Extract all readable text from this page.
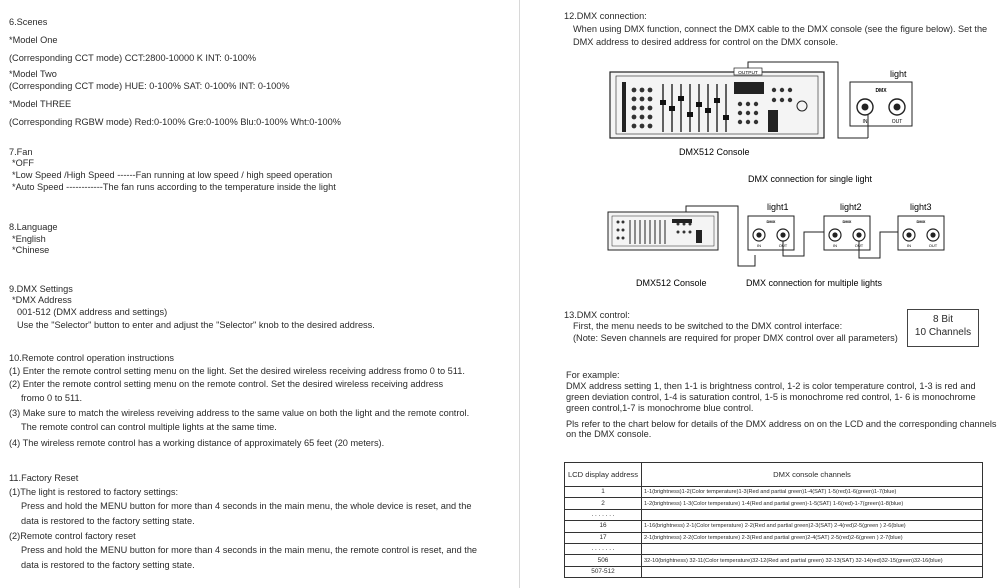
6.Scenes
*Model One
(Corresponding CCT mode) CCT:2800-10000 K INT: 0-100%
*Model Two
(Corresponding CCT mode) HUE: 0-100% SAT: 0-100% INT: 0-100%
*Model THREE
(Corresponding RGBW mode) Red:0-100% Gre:0-100% Blu:0-100% Wht:0-100%
7.Fan
*OFF
*Low Speed /High Speed ------Fan running at low speed / high speed operation
*Auto Speed ------------The fan runs according to the temperature inside the light
8.Language
*English
*Chinese
9.DMX Settings
*DMX Address
001-512 (DMX address and settings)
Use the "Selector" button to enter and adjust the "Selector" knob to the desired address.
10.Remote control operation instructions
(1) Enter the remote control setting menu on the light. Set the desired wireless receiving address fromo 0 to 511.
(2) Enter the remote control setting menu on the remote control. Set the desired wireless receiving address
fromo 0 to 511.
(3) Make sure to match the wireless reveiving address to the same value on both the light and the remote control.
The remote control can control multiple lights at the same time.
(4) The wireless remote control has a working distance of approximately 65 feet (20 meters).
11.Factory Reset
(1)The light is restored to factory settings:
Press and hold the MENU button for more than 4 seconds in the main menu, the whole device is reset, and the
data is restored to the factory setting state.
(2)Remote control factory reset
Press and hold the MENU button for more than 4 seconds in the main menu, the remote control is reset, and the
data is restored to the factory setting state.
12.DMX connection:
When using DMX function, connect the DMX cable to the DMX console (see the figure below). Set the
DMX address to desired address for control on the DMX console.
OUTPUT	light
DMX
IN	OUT
DMX512 Console
DMX connection for single light
light1
DMX
IN	OUT
light2
DMX
IN	OUT
light3
DMX
IN	OUT
DMX512 Console	DMX connection for multiple lights
13.DMX control:
First, the menu needs to be switched to the DMX control interface:
(Note: Seven channels are required for proper DMX control over all parameters)
8 Bit
10 Channels
For example:
DMX address setting 1, then 1-1 is brightness control, 1-2 is color temperature control, 1-3 is red and
green deviation control, 1-4 is saturation control, 1-5 is monochrome red control, 1- 6 is monochrome
green control,1-7 is monochrome blue control.
Pls refer to the chart below for details of the DMX address on on the LCD and the corresponding channels
on the DMX console.
LCD display address	DMX console channels
1	1-1(brightness)1-2(Color temperature)1-3(Red and partial green)1-4(SAT) 1-5(red)1-6(green)1-7(blue)
2	1-2(brightness) 1-3(Color temperature) 1-4(Red and partial green)-1-5(SAT) 1-6(red)-1-7(green)1-8(blue)
. . . . . . .	
16	1-16(brightness) 2-1(Color temperature) 2-2(Red and partial green)2-3(SAT) 2-4(red)2-5(green ) 2-6(blue)
17	2-1(brightness) 2-2(Color temperature) 2-3(Red and partial green)2-4(SAT) 2-5(red)2-6(green ) 2-7(blue)
. . . . . . .	
506	32-10(brightness) 32-11(Color temperature)32-12(Red and partial green) 32-13(SAT) 32-14(red)32-15(green)32-16(blue)
507-512	
